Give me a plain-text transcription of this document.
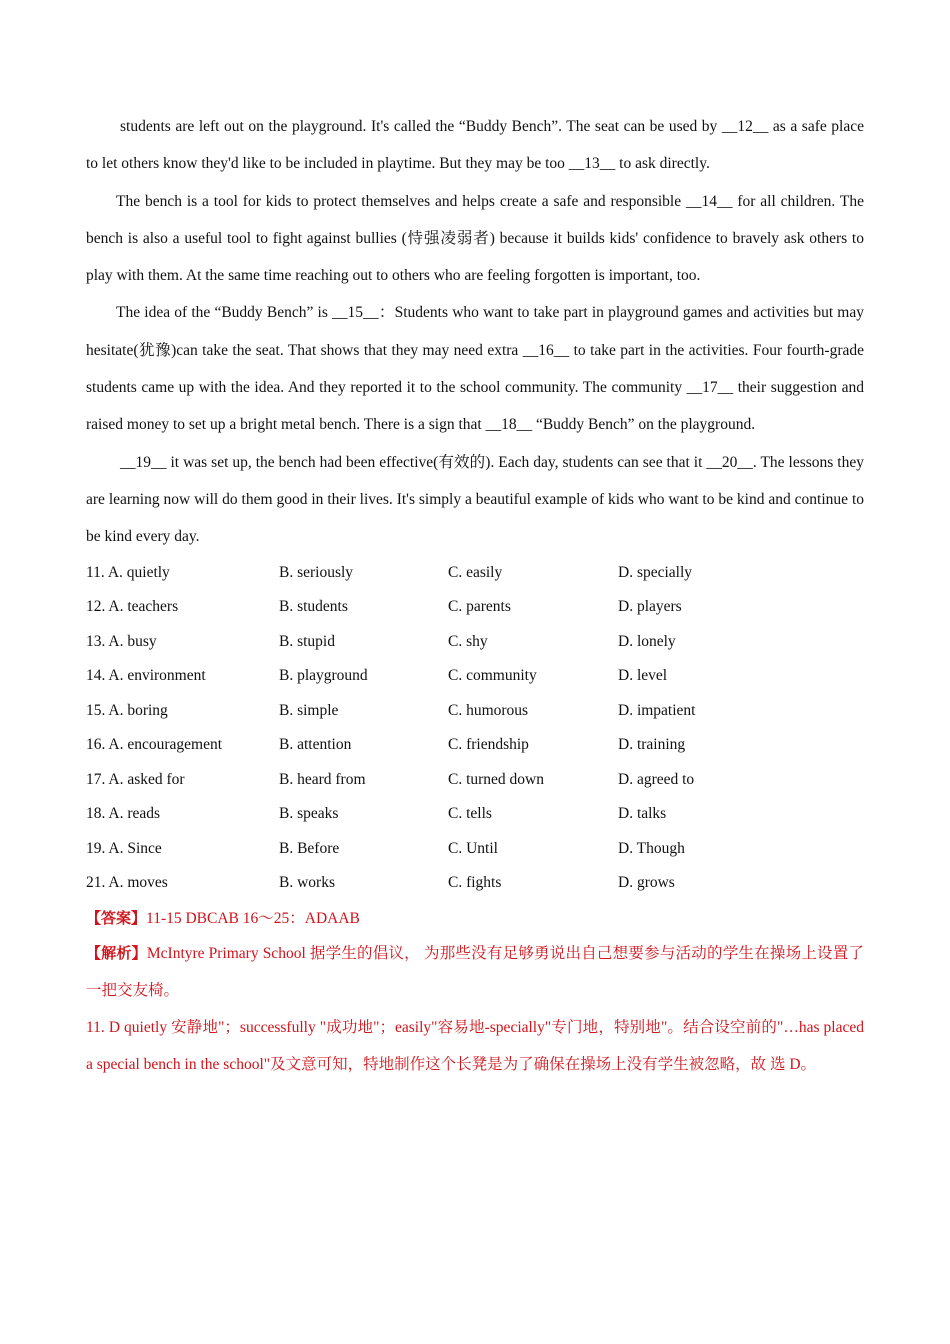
students are left out on the playground. It's called the “Buddy Bench”. The seat can be used by __12__ as a safe place to let others know they'd like to be included in playtime. But they may be too __13__ to ask directly.

The bench is a tool for kids to protect themselves and helps create a safe and responsible __14__ for all children. The bench is also a useful tool to fight against bullies (恃强凌弱者) because it builds kids' confidence to bravely ask others to play with them. At the same time reaching out to others who are feeling forgotten is important, too.

The idea of the “Buddy Bench” is __15__：Students who want to take part in playground games and activities but may hesitate(犹豫)can take the seat. That shows that they may need extra __16__ to take part in the activities. Four fourth-grade students came up with the idea. And they reported it to the school community. The community __17__ their suggestion and raised money to set up a bright metal bench. There is a sign that __18__ “Buddy Bench” on the playground.

__19__ it was set up, the bench had been effective(有效的). Each day, students can see that it __20__. The lessons they are learning now will do them good in their lives. It's simply a beautiful example of kids who want to be kind and continue to be kind every day.

11. A. quietly	B. seriously	C. easily	D. specially
12. A. teachers	B. students	C. parents	D. players
13. A. busy	B. stupid	C. shy	D. lonely
14. A. environment	B. playground	C. community	D. level
15. A. boring	B. simple	C. humorous	D. impatient
16. A. encouragement	B. attention	C. friendship	D. training
17. A. asked for	B. heard from	C. turned down	D. agreed to
18. A. reads	B. speaks	C. tells	D. talks
19. A. Since	B. Before	C. Until	D. Though
21. A. moves	B. works	C. fights	D. grows
【答案】11-15 DBCAB 16～25：ADAAB

【解析】McIntyre Primary School 据学生的倡议， 为那些没有足够勇说出自己想要参与活动的学生在操场上设置了一把交友椅。

11. D quietly 安静地"；successfully "成功地"；easily"容易地-specially"专门地，特别地"。结合设空前的"…has placed a special bench in the school"及文意可知，特地制作这个长凳是为了确保在操场上没有学生被忽略，故 选 D。
